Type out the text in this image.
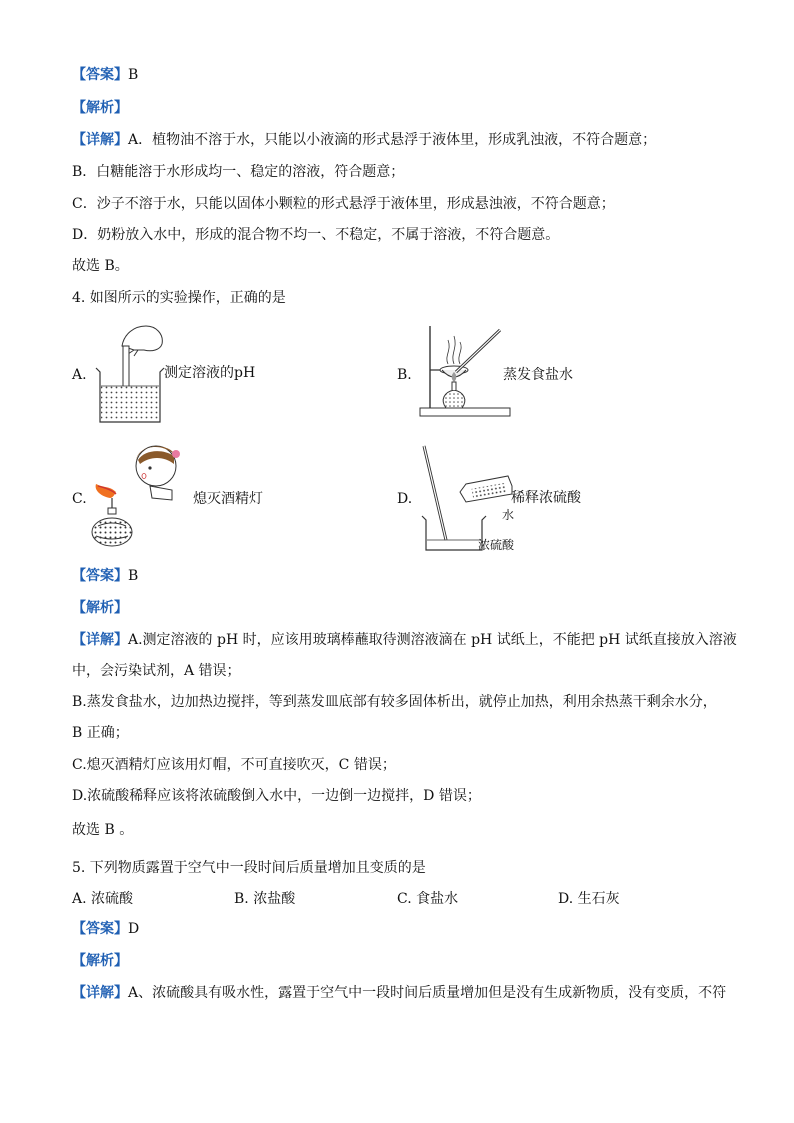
【答案】B
【解析】
【详解】A．植物油不溶于水，只能以小液滴的形式悬浮于液体里，形成乳浊液，不符合题意；
B．白糖能溶于水形成均一、稳定的溶液，符合题意；
C．沙子不溶于水，只能以固体小颗粒的形式悬浮于液体里，形成悬浊液，不符合题意；
D．奶粉放入水中，形成的混合物不均一、不稳定，不属于溶液，不符合题意。
故选 B。
4. 如图所示的实验操作，正确的是
A.	测定溶液的pH	B.	蒸发食盐水
C.	熄灭酒精灯	D.	稀释浓硫酸
水
浓硫酸
【答案】B
【解析】
【详解】A.测定溶液的 pH 时，应该用玻璃棒蘸取待测溶液滴在 pH 试纸上，不能把 pH 试纸直接放入溶液
中，会污染试剂，A 错误；
B.蒸发食盐水，边加热边搅拌，等到蒸发皿底部有较多固体析出，就停止加热，利用余热蒸干剩余水分，
B 正确；
C.熄灭酒精灯应该用灯帽，不可直接吹灭，C 错误；
D.浓硫酸稀释应该将浓硫酸倒入水中，一边倒一边搅拌，D 错误；
故选 B 。
5. 下列物质露置于空气中一段时间后质量增加且变质的是
A. 浓硫酸	B. 浓盐酸	C. 食盐水	D. 生石灰
【答案】D
【解析】
【详解】A、浓硫酸具有吸水性，露置于空气中一段时间后质量增加但是没有生成新物质，没有变质，不符
